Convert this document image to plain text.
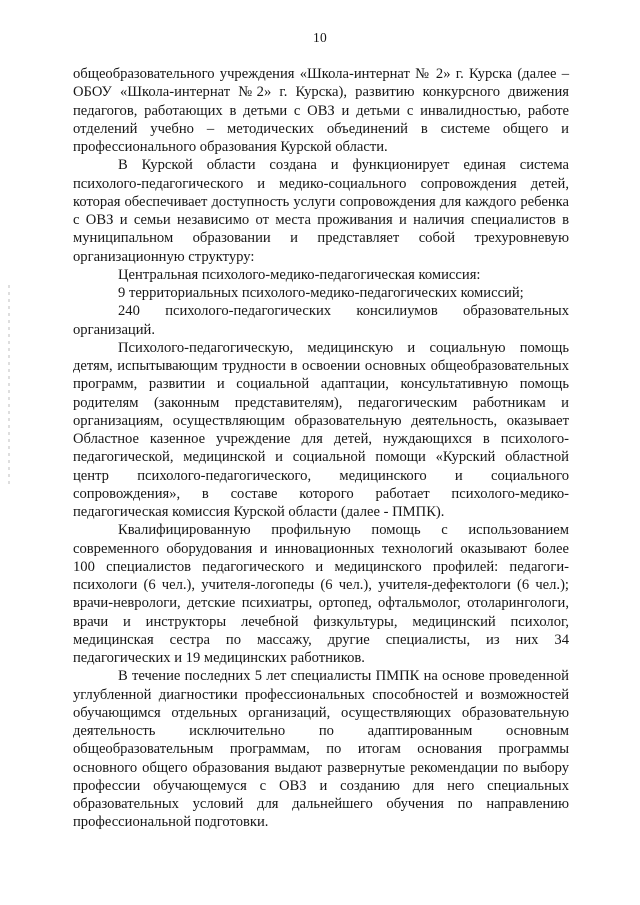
10

общеобразовательного учреждения «Школа-интернат № 2» г. Курска (далее – ОБОУ «Школа-интернат №2» г. Курска), развитию конкурсного движения педагогов, работающих в детьми с ОВЗ и детьми с инвалидностью, работе отделений учебно – методических объединений в системе общего и профессионального образования Курской области.

В Курской области создана и функционирует единая система психолого-педагогического и медико-социального сопровождения детей, которая обеспечивает доступность услуги сопровождения для каждого ребенка с ОВЗ и семьи независимо от места проживания и наличия специалистов в муниципальном образовании и представляет собой трехуровневую организационную структуру:

Центральная психолого-медико-педагогическая комиссия:

9 территориальных психолого-медико-педагогических комиссий;

240 психолого-педагогических консилиумов образовательных организаций.

Психолого-педагогическую, медицинскую и социальную помощь детям, испытывающим трудности в освоении основных общеобразовательных программ, развитии и социальной адаптации, консультативную помощь родителям (законным представителям), педагогическим работникам и организациям, осуществляющим образовательную деятельность, оказывает Областное казенное учреждение для детей, нуждающихся в психолого-педагогической, медицинской и социальной помощи «Курский областной центр психолого-педагогического, медицинского и социального сопровождения», в составе которого работает психолого-медико-педагогическая комиссия Курской области (далее - ПМПК).

Квалифицированную профильную помощь с использованием современного оборудования и инновационных технологий оказывают более 100 специалистов педагогического и медицинского профилей: педагоги-психологи (6 чел.), учителя-логопеды (6 чел.), учителя-дефектологи (6 чел.); врачи-неврологи, детские психиатры, ортопед, офтальмолог, отоларингологи, врачи и инструкторы лечебной физкультуры, медицинский психолог, медицинская сестра по массажу, другие специалисты, из них 34 педагогических и 19 медицинских работников.

В течение последних 5 лет специалисты ПМПК на основе проведенной углубленной диагностики профессиональных способностей и возможностей обучающимся отдельных организаций, осуществляющих образовательную деятельность исключительно по адаптированным основным общеобразовательным программам, по итогам основания программы основного общего образования выдают развернутые рекомендации по выбору профессии обучающемуся с ОВЗ и созданию для него специальных образовательных условий для дальнейшего обучения по направлению профессиональной подготовки.
